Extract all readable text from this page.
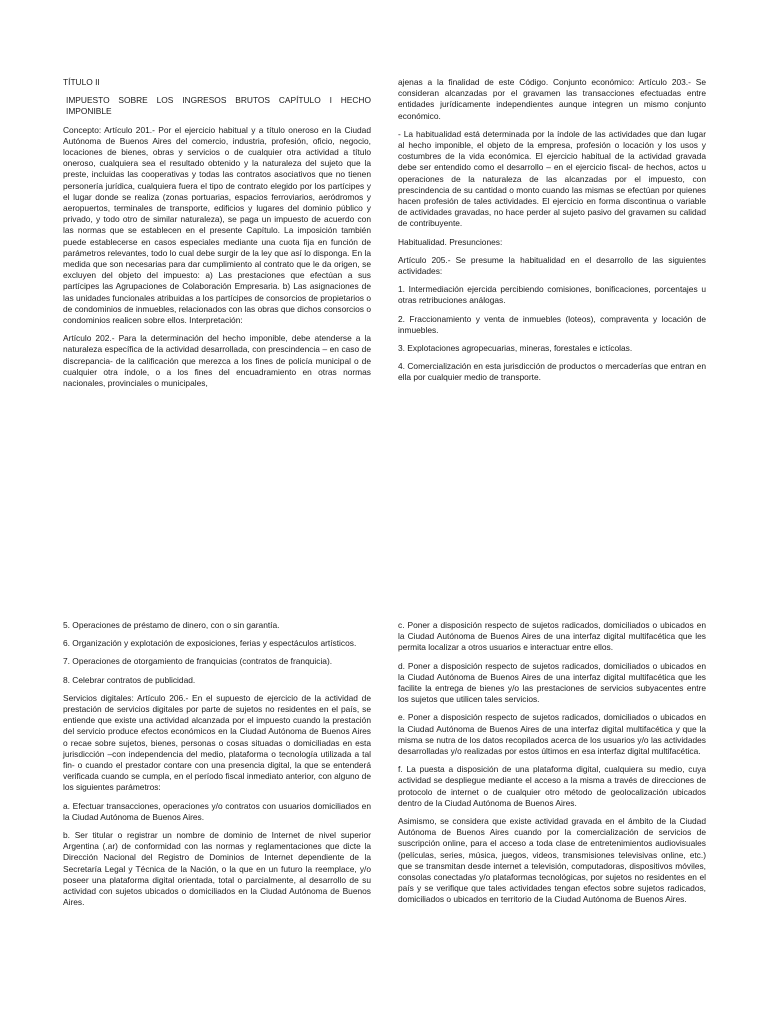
TÍTULO II

IMPUESTO SOBRE LOS INGRESOS BRUTOS CAPÍTULO I HECHO IMPONIBLE

Concepto: Artículo 201.- Por el ejercicio habitual y a título oneroso en la Ciudad Autónoma de Buenos Aires del comercio, industria, profesión, oficio, negocio, locaciones de bienes, obras y servicios o de cualquier otra actividad a título oneroso, cualquiera sea el resultado obtenido y la naturaleza del sujeto que la preste, incluidas las cooperativas y todas las contratos asociativos que no tienen personería jurídica, cualquiera fuera el tipo de contrato elegido por los partícipes y el lugar donde se realiza (zonas portuarias, espacios ferroviarios, aeródromos y aeropuertos, terminales de transporte, edificios y lugares del dominio público y privado, y todo otro de similar naturaleza), se paga un impuesto de acuerdo con las normas que se establecen en el presente Capítulo. La imposición también puede establecerse en casos especiales mediante una cuota fija en función de parámetros relevantes, todo lo cual debe surgir de la ley que así lo disponga. En la medida que son necesarias para dar cumplimiento al contrato que le da origen, se excluyen del objeto del impuesto: a) Las prestaciones que efectúan a sus partícipes las Agrupaciones de Colaboración Empresaria. b) Las asignaciones de las unidades funcionales atribuidas a los partícipes de consorcios de propietarios o de condominios de inmuebles, relacionados con las obras que dichos consorcios o condominios realicen sobre ellos. Interpretación:

Artículo 202.- Para la determinación del hecho imponible, debe atenderse a la naturaleza específica de la actividad desarrollada, con prescindencia – en caso de discrepancia- de la calificación que merezca a los fines de policía municipal o de cualquier otra índole, o a los fines del encuadramiento en otras normas nacionales, provinciales o municipales,

ajenas a la finalidad de este Código. Conjunto económico: Artículo 203.- Se consideran alcanzadas por el gravamen las transacciones efectuadas entre entidades jurídicamente independientes aunque integren un mismo conjunto económico.

- La habitualidad está determinada por la índole de las actividades que dan lugar al hecho imponible, el objeto de la empresa, profesión o locación y los usos y costumbres de la vida económica. El ejercicio habitual de la actividad gravada debe ser entendido como el desarrollo – en el ejercicio fiscal- de hechos, actos u operaciones de la naturaleza de las alcanzadas por el impuesto, con prescindencia de su cantidad o monto cuando las mismas se efectúan por quienes hacen profesión de tales actividades. El ejercicio en forma discontinua o variable de actividades gravadas, no hace perder al sujeto pasivo del gravamen su calidad de contribuyente.

Habitualidad. Presunciones:

Artículo 205.- Se presume la habitualidad en el desarrollo de las siguientes actividades:

1. Intermediación ejercida percibiendo comisiones, bonificaciones, porcentajes u otras retribuciones análogas.

2. Fraccionamiento y venta de inmuebles (loteos), compraventa y locación de inmuebles.

3. Explotaciones agropecuarias, mineras, forestales e ictícolas.

4. Comercialización en esta jurisdicción de productos o mercaderías que entran en ella por cualquier medio de transporte.

5. Operaciones de préstamo de dinero, con o sin garantía.

6. Organización y explotación de exposiciones, ferias y espectáculos artísticos.

7. Operaciones de otorgamiento de franquicias (contratos de franquicia).

8. Celebrar contratos de publicidad.

Servicios digitales: Artículo 206.- En el supuesto de ejercicio de la actividad de prestación de servicios digitales por parte de sujetos no residentes en el país, se entiende que existe una actividad alcanzada por el impuesto cuando la prestación del servicio produce efectos económicos en la Ciudad Autónoma de Buenos Aires o recae sobre sujetos, bienes, personas o cosas situadas o domiciliadas en esta jurisdicción –con independencia del medio, plataforma o tecnología utilizada a tal fin- o cuando el prestador contare con una presencia digital, la que se entenderá verificada cuando se cumpla, en el período fiscal inmediato anterior, con alguno de los siguientes parámetros:

a. Efectuar transacciones, operaciones y/o contratos con usuarios domiciliados en la Ciudad Autónoma de Buenos Aires.

b. Ser titular o registrar un nombre de dominio de Internet de nivel superior Argentina (.ar) de conformidad con las normas y reglamentaciones que dicte la Dirección Nacional del Registro de Dominios de Internet dependiente de la Secretaría Legal y Técnica de la Nación, o la que en un futuro la reemplace, y/o poseer una plataforma digital orientada, total o parcialmente, al desarrollo de su actividad con sujetos ubicados o domiciliados en la Ciudad Autónoma de Buenos Aires.

c. Poner a disposición respecto de sujetos radicados, domiciliados o ubicados en la Ciudad Autónoma de Buenos Aires de una interfaz digital multifacética que les permita localizar a otros usuarios e interactuar entre ellos.

d. Poner a disposición respecto de sujetos radicados, domiciliados o ubicados en la Ciudad Autónoma de Buenos Aires de una interfaz digital multifacética que les facilite la entrega de bienes y/o las prestaciones de servicios subyacentes entre los sujetos que utilicen tales servicios.

e. Poner a disposición respecto de sujetos radicados, domiciliados o ubicados en la Ciudad Autónoma de Buenos Aires de una interfaz digital multifacética y que la misma se nutra de los datos recopilados acerca de los usuarios y/o las actividades desarrolladas y/o realizadas por estos últimos en esa interfaz digital multifacética.

f. La puesta a disposición de una plataforma digital, cualquiera su medio, cuya actividad se despliegue mediante el acceso a la misma a través de direcciones de protocolo de internet o de cualquier otro método de geolocalización ubicados dentro de la Ciudad Autónoma de Buenos Aires.

Asimismo, se considera que existe actividad gravada en el ámbito de la Ciudad Autónoma de Buenos Aires cuando por la comercialización de servicios de suscripción online, para el acceso a toda clase de entretenimientos audiovisuales (películas, series, música, juegos, videos, transmisiones televisivas online, etc.) que se transmitan desde internet a televisión, computadoras, dispositivos móviles, consolas conectadas y/o plataformas tecnológicas, por sujetos no residentes en el país y se verifique que tales actividades tengan efectos sobre sujetos radicados, domiciliados o ubicados en territorio de la Ciudad Autónoma de Buenos Aires.
